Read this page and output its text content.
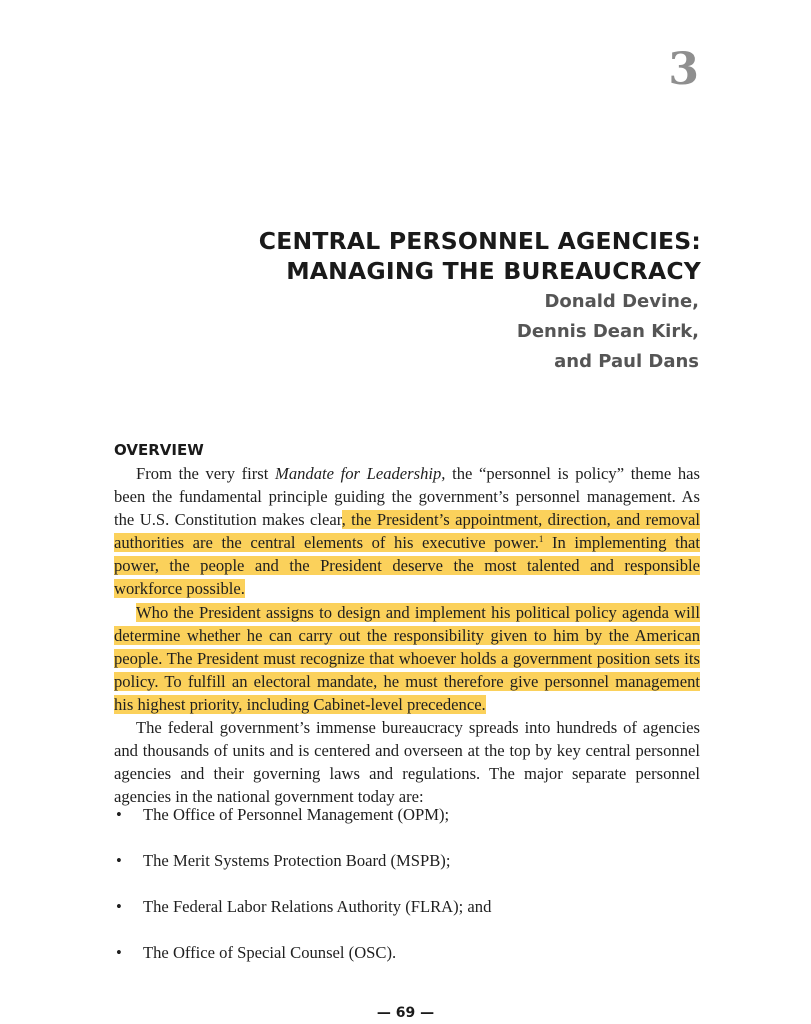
3
CENTRAL PERSONNEL AGENCIES:
MANAGING THE BUREAUCRACY
Donald Devine,
Dennis Dean Kirk,
and Paul Dans
OVERVIEW

From the very first Mandate for Leadership, the “personnel is policy” theme has been the fundamental principle guiding the government’s personnel management. As the U.S. Constitution makes clear, the President’s appointment, direction, and removal authorities are the central elements of his executive power.$^1$ In implementing that power, the people and the President deserve the most talented and responsible workforce possible.

Who the President assigns to design and implement his political policy agenda will determine whether he can carry out the responsibility given to him by the American people. The President must recognize that whoever holds a government position sets its policy. To fulfill an electoral mandate, he must therefore give personnel management his highest priority, including Cabinet-level precedence.

The federal government’s immense bureaucracy spreads into hundreds of agencies and thousands of units and is centered and overseen at the top by key central personnel agencies and their governing laws and regulations. The major separate personnel agencies in the national government today are:

• The Office of Personnel Management (OPM);
• The Merit Systems Protection Board (MSPB);
• The Federal Labor Relations Authority (FLRA); and
• The Office of Special Counsel (OSC).
— 69 —
